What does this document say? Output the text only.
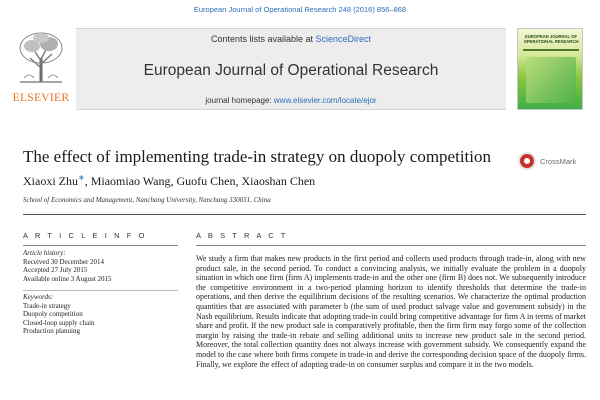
European Journal of Operational Research 248 (2016) 856–868
ELSEVIER
Contents lists available at ScienceDirect
European Journal of Operational Research
journal homepage: www.elsevier.com/locate/ejor
EUROPEAN JOURNAL OF OPERATIONAL RESEARCH
The effect of implementing trade-in strategy on duopoly competition	CrossMark
Xiaoxi Zhu∗, Miaomiao Wang, Guofu Chen, Xiaoshan Chen
School of Economics and Management, Nanchang University, Nanchang 330031, China
A R T I C L E I N F O
Article history:
Received 30 December 2014
Accepted 27 July 2015
Available online 3 August 2015
Keywords:
Trade-in strategy
Duopoly competition
Closed-loop supply chain
Production planning
A B S T R A C T
We study a firm that makes new products in the first period and collects used products through trade-in, along with new product sale, in the second period. To conduct a convincing analysis, we initially evaluate the problem in a duopoly situation in which one firm (firm A) implements trade-in and the other one (firm B) does not. We subsequently introduce the competitive environment in a two-period planning horizon to identify thresholds that determine the trade-in operations, and then derive the equilibrium decisions of the resulting scenarios. We characterize the optimal production quantities that are associated with parameter b (the sum of used product salvage value and government subsidy) in the Nash equilibrium. Results indicate that adopting trade-in could bring competitive advantage for firm A in terms of market share and profit. If the new product sale is comparatively profitable, then the firm firm may forgo some of the collection margin by raising the trade-in rebate and selling additional units to increase new product sale in the second period. Moreover, the total collection quantity does not always increase with government subsidy. We consequently expand the model to the case where both firms compete in trade-in and derive the corresponding decision space of the duopoly firms. Finally, we explore the effect of adopting trade-in on consumer surplus and compare it in the two models.
